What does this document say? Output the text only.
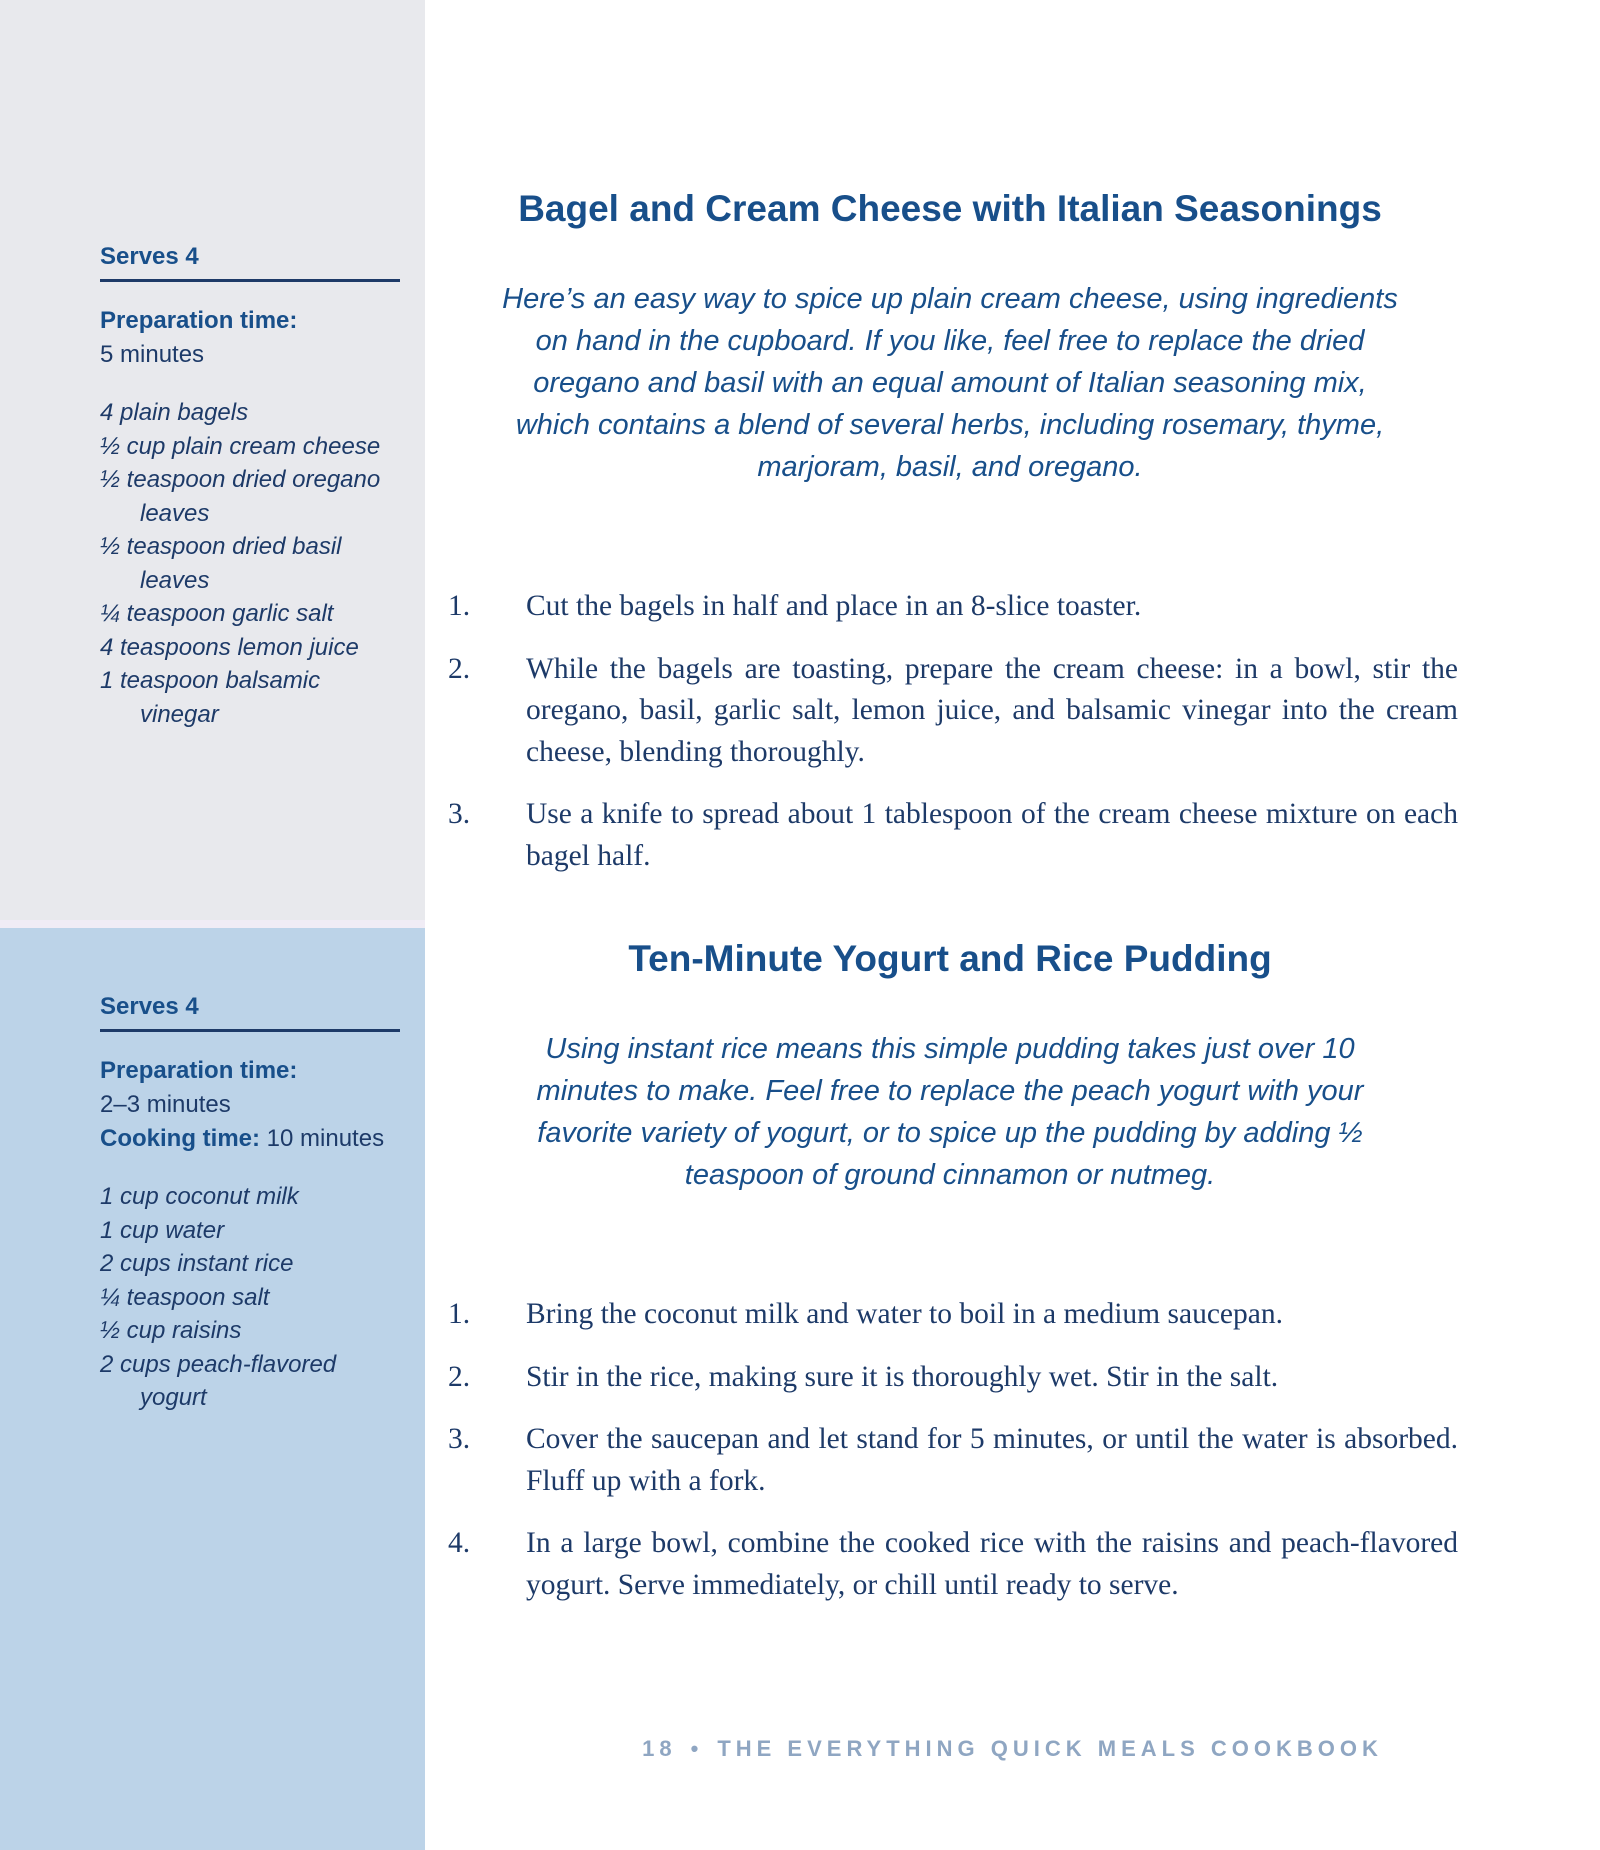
Serves 4
Preparation time:
5 minutes
4 plain bagels
½ cup plain cream cheese
½ teaspoon dried oregano leaves
½ teaspoon dried basil leaves
¼ teaspoon garlic salt
4 teaspoons lemon juice
1 teaspoon balsamic vinegar
Serves 4
Preparation time:
2–3 minutes
Cooking time: 10 minutes
1 cup coconut milk
1 cup water
2 cups instant rice
¼ teaspoon salt
½ cup raisins
2 cups peach-flavored yogurt
Bagel and Cream Cheese with Italian Seasonings

Here’s an easy way to spice up plain cream cheese, using ingredients on hand in the cupboard. If you like, feel free to replace the dried oregano and basil with an equal amount of Italian seasoning mix, which contains a blend of several herbs, including rosemary, thyme, marjoram, basil, and oregano.

1.	Cut the bagels in half and place in an 8-slice toaster.
2.	While the bagels are toasting, prepare the cream cheese: in a bowl, stir the oregano, basil, garlic salt, lemon juice, and balsamic vinegar into the cream cheese, blending thoroughly.
3.	Use a knife to spread about 1 tablespoon of the cream cheese mixture on each bagel half.
Ten-Minute Yogurt and Rice Pudding

Using instant rice means this simple pudding takes just over 10 minutes to make. Feel free to replace the peach yogurt with your favorite variety of yogurt, or to spice up the pudding by adding ½ teaspoon of ground cinnamon or nutmeg.

1.	Bring the coconut milk and water to boil in a medium saucepan.
2.	Stir in the rice, making sure it is thoroughly wet. Stir in the salt.
3.	Cover the saucepan and let stand for 5 minutes, or until the water is absorbed. Fluff up with a fork.
4.	In a large bowl, combine the cooked rice with the raisins and peach-flavored yogurt. Serve immediately, or chill until ready to serve.
18 • THE EVERYTHING QUICK MEALS COOKBOOK
